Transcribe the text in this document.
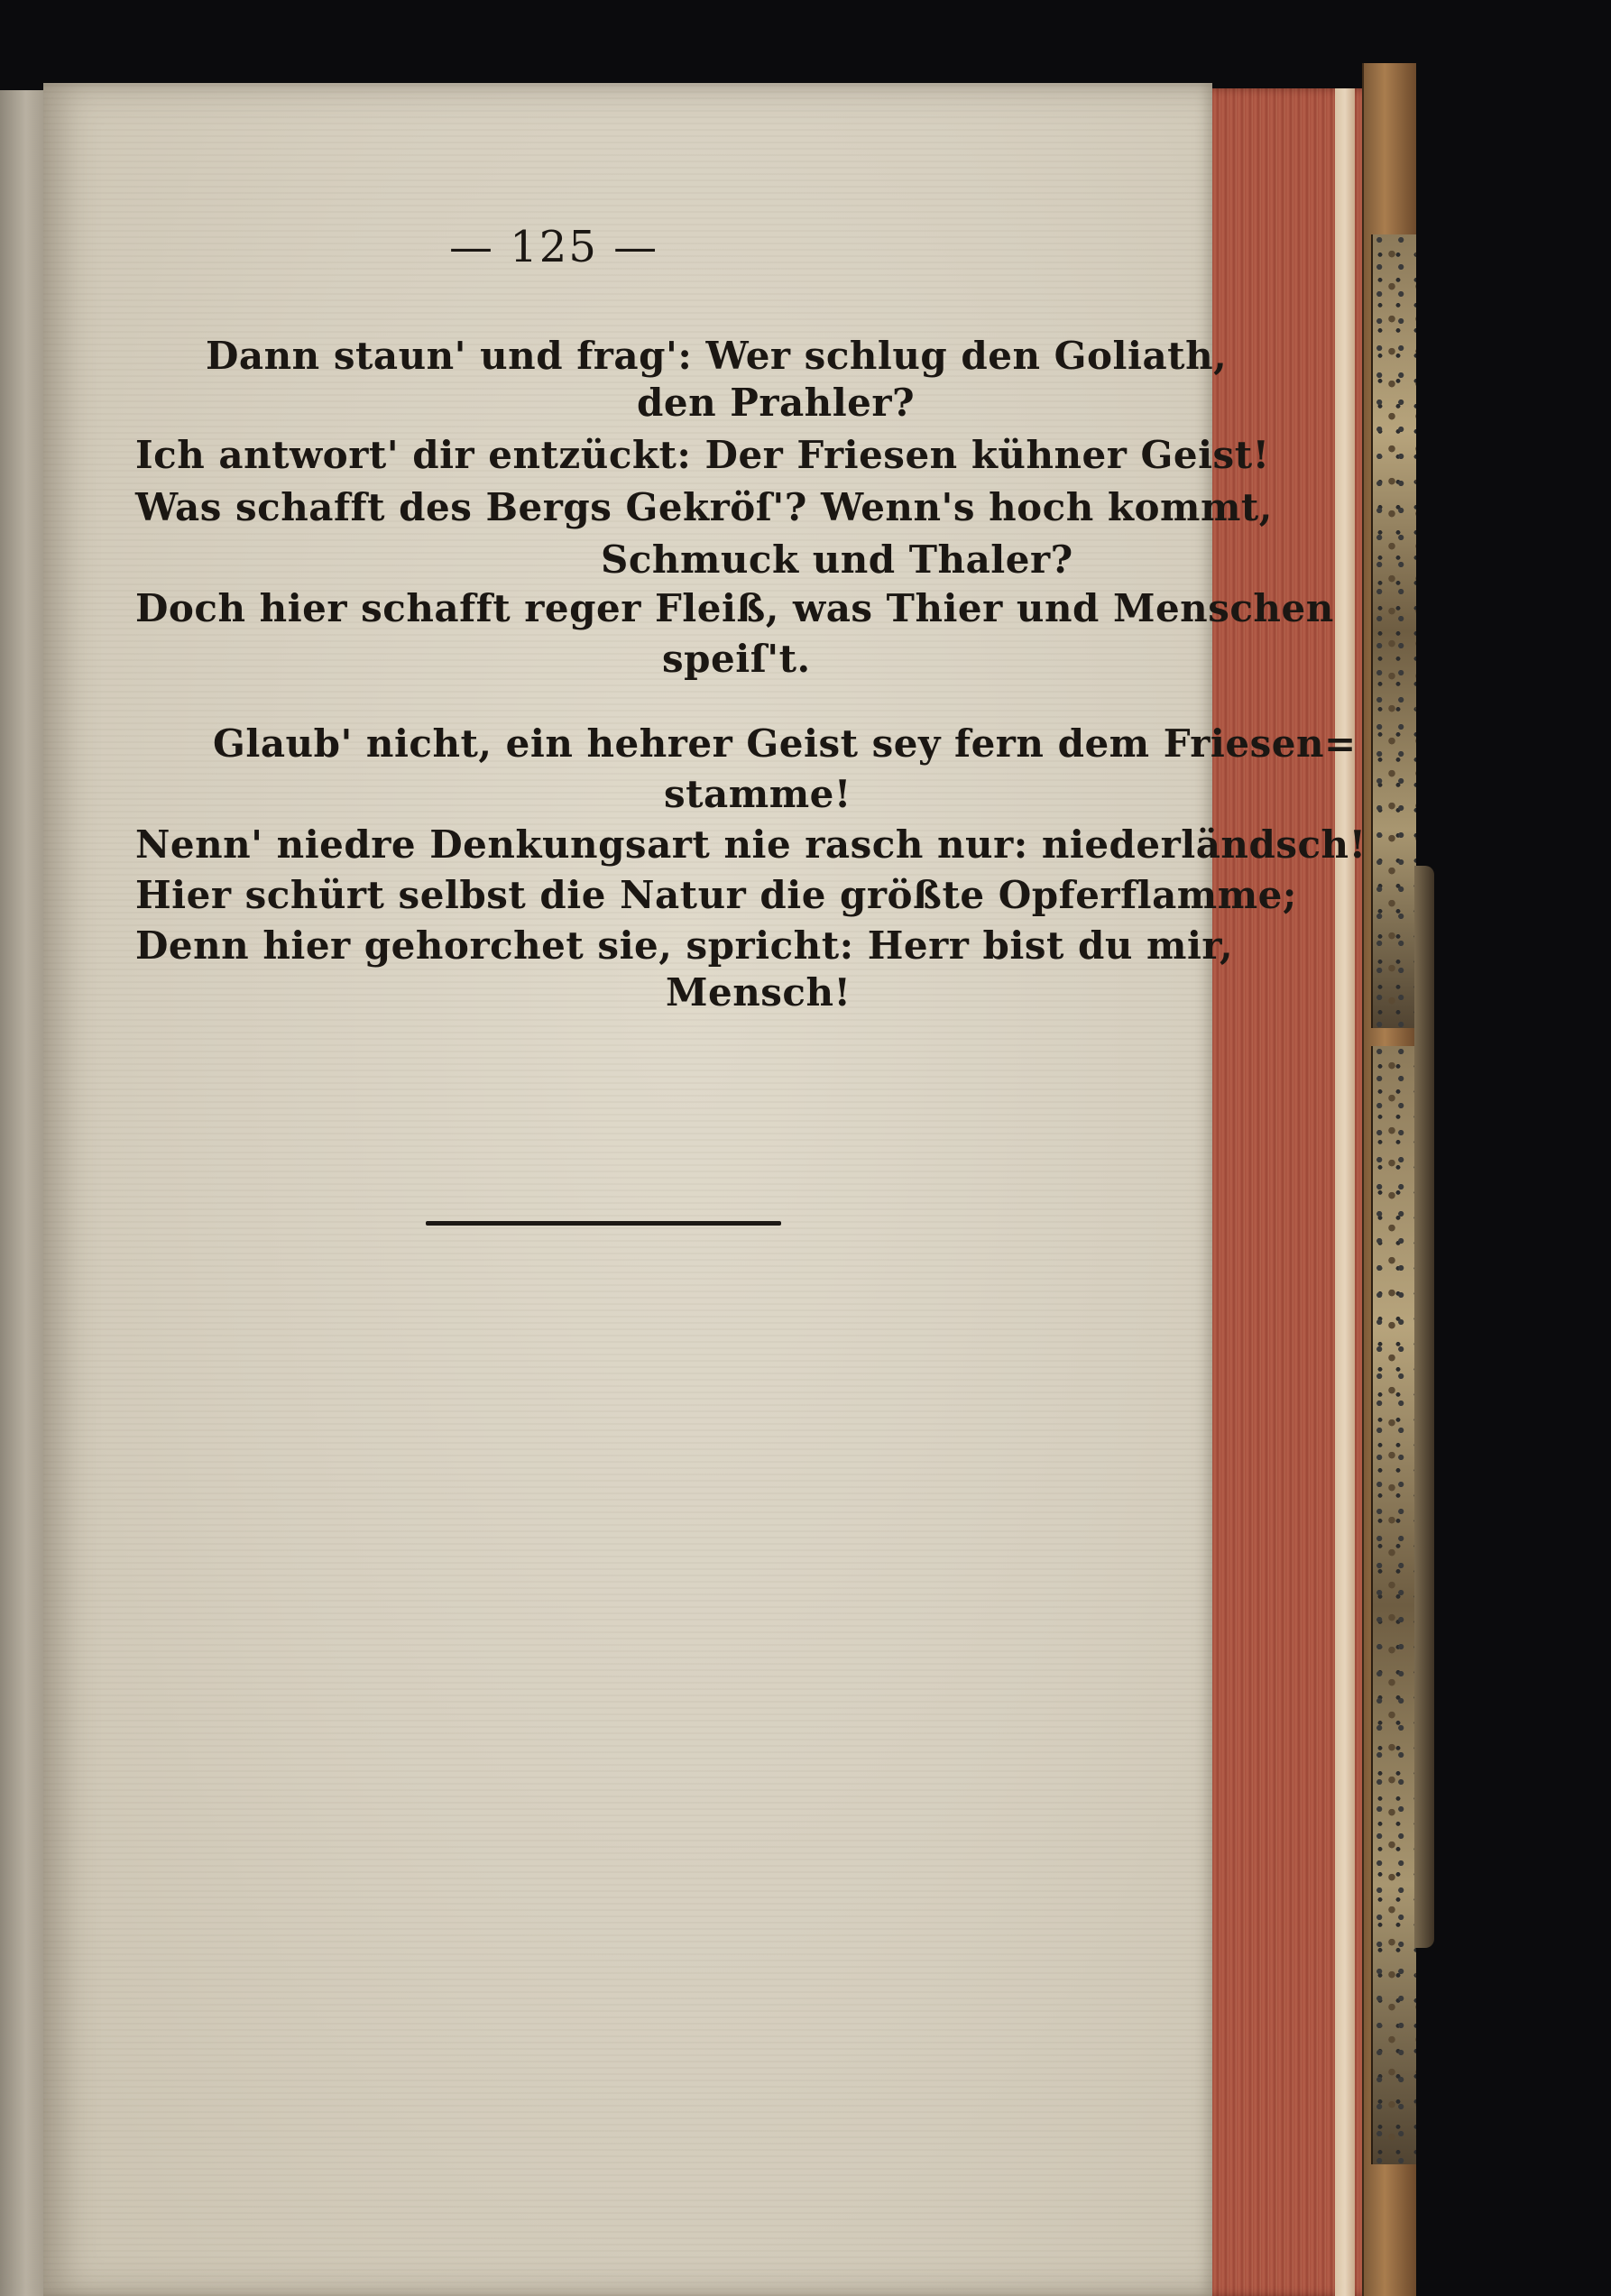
— 125 —
Dann staun' und frag': Wer schlug den Goliath,
den Prahler?
Ich antwort' dir entzückt: Der Friesen kühner Geist!
Was schafft des Bergs Gekröſ'? Wenn's hoch kommt,
Schmuck und Thaler?
Doch hier schafft reger Fleiß, was Thier und Menschen
speiſ't.
Glaub' nicht, ein hehrer Geist sey fern dem Friesen=
stamme!
Nenn' niedre Denkungsart nie rasch nur: niederländsch!
Hier schürt selbst die Natur die größte Opferflamme;
Denn hier gehorchet sie, spricht: Herr bist du mir,
Mensch!
